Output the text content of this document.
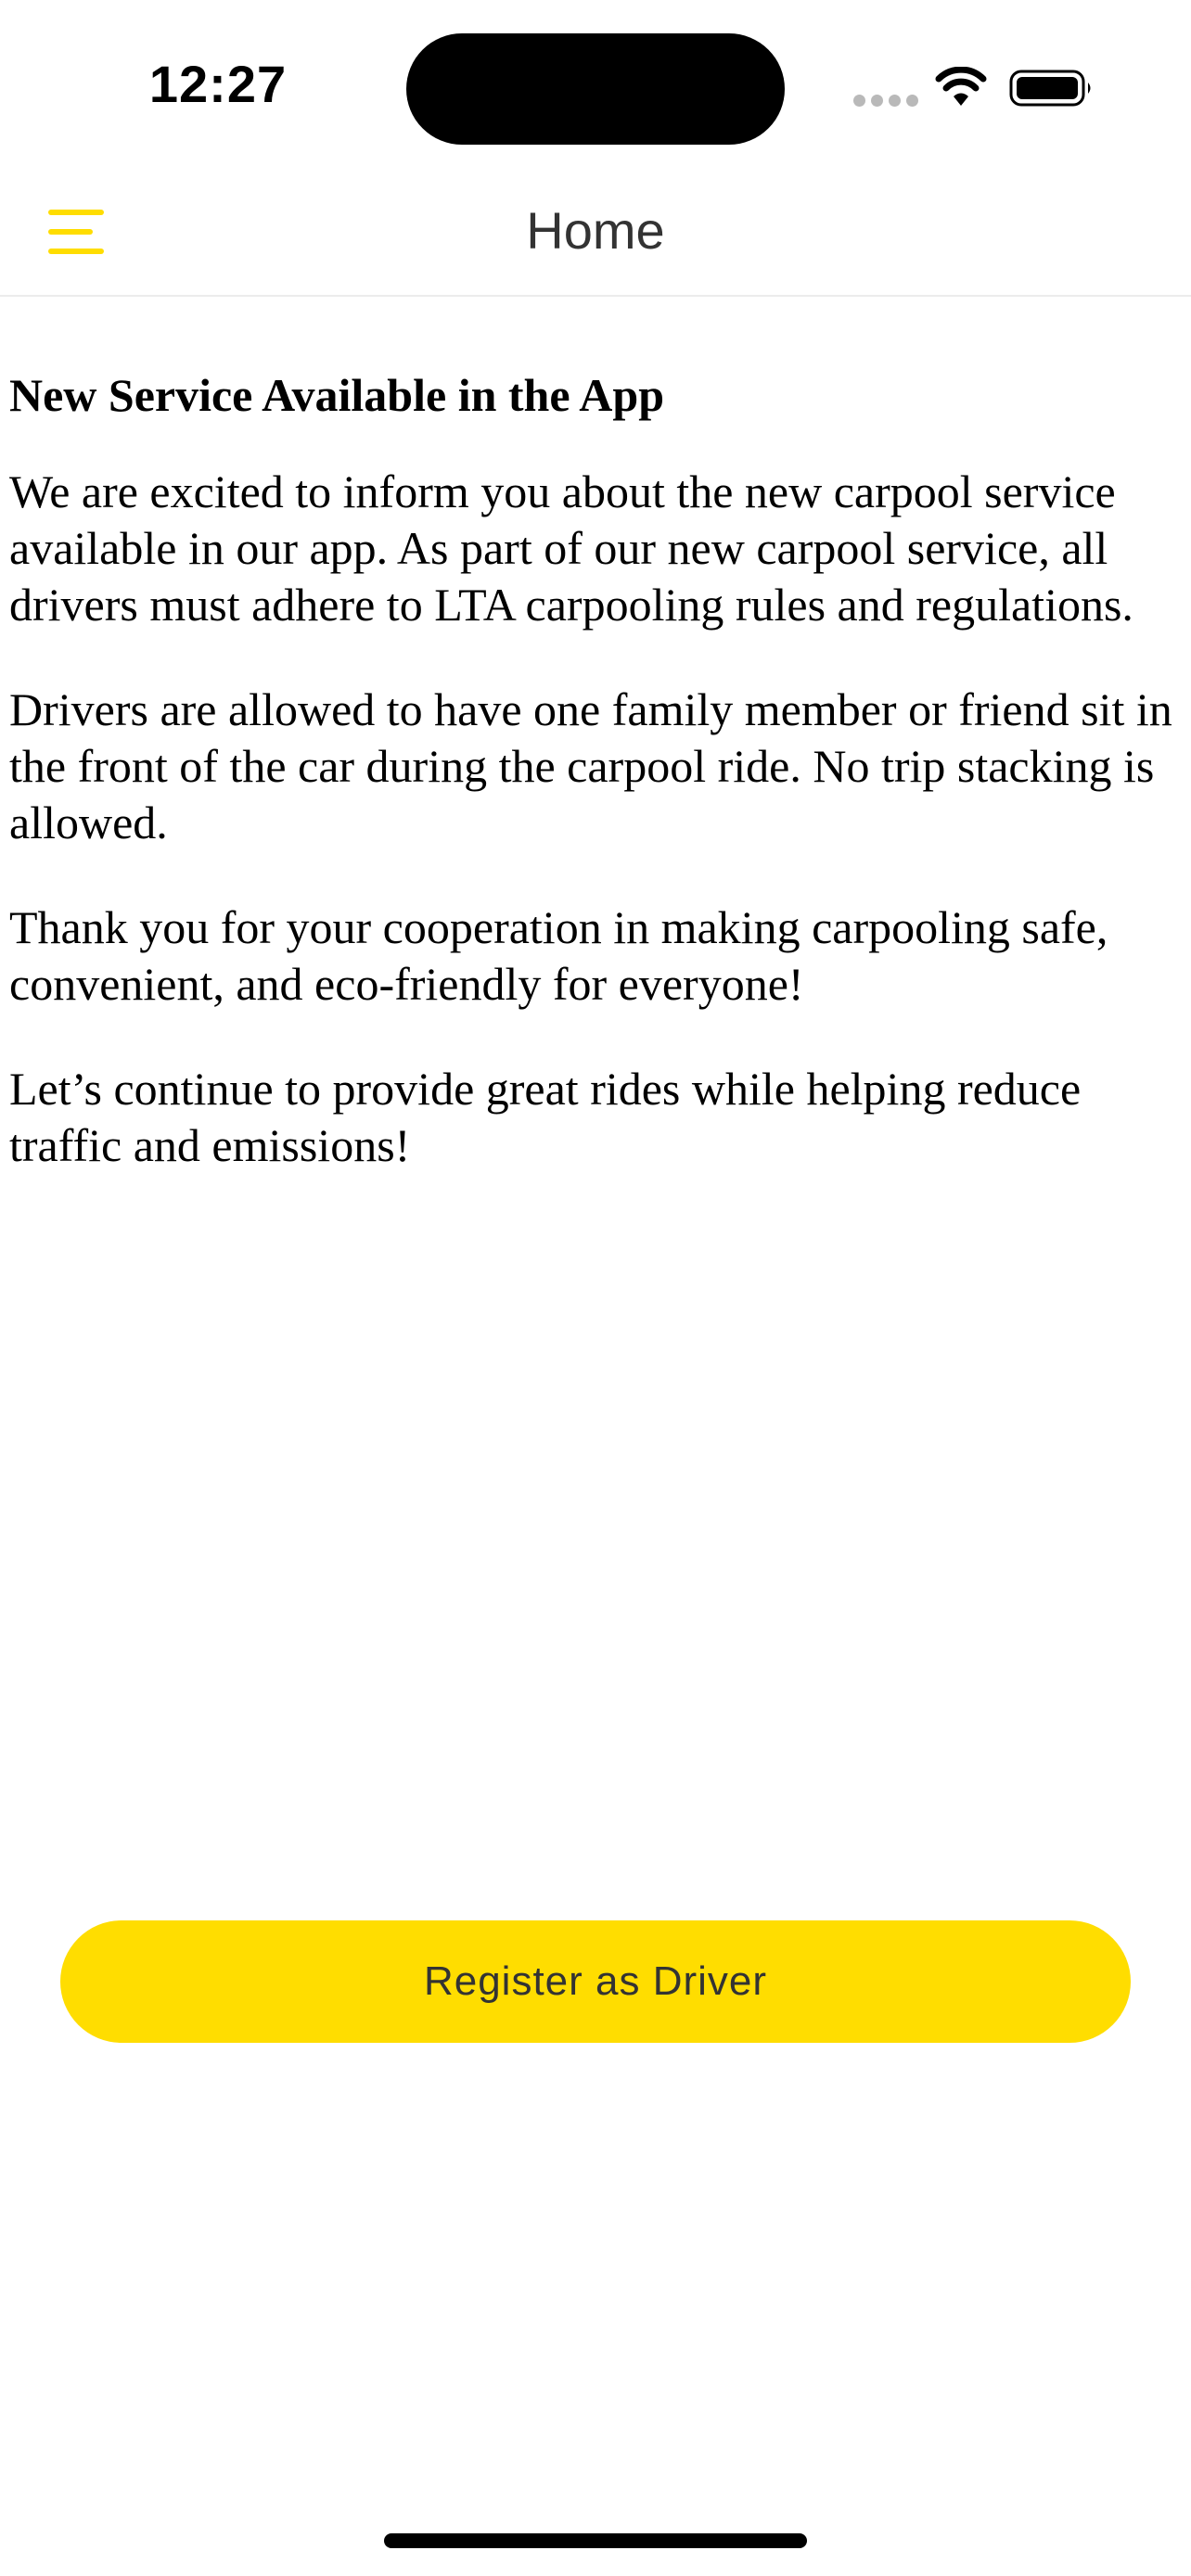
12:27
Home
New Service Available in the App

We are excited to inform you about the new carpool service available in our app. As part of our new carpool service, all drivers must adhere to LTA carpooling rules and regulations.

Drivers are allowed to have one family member or friend sit in the front of the car during the carpool ride. No trip stacking is allowed.

Thank you for your cooperation in making carpooling safe, convenient, and eco-friendly for everyone!

Let’s continue to provide great rides while helping reduce traffic and emissions!

Register as Driver
